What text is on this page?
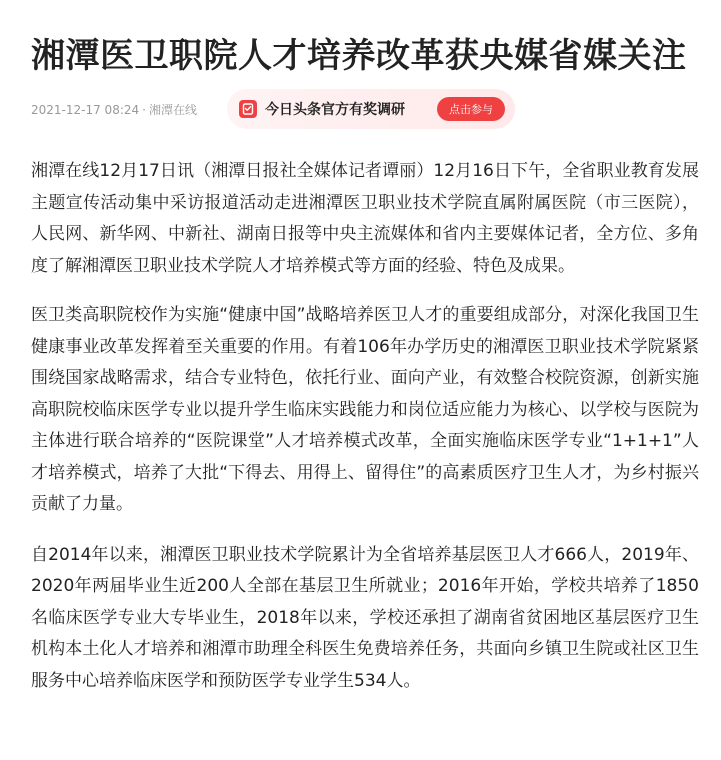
湘潭医卫职院人才培养改革获央媒省媒关注
2021-12-17 08:24 · 湘潭在线	今日头条官方有奖调研	点击参与

湘潭在线12月17日讯（湘潭日报社全媒体记者谭丽）12月16日下午，全省职业教育发展主题宣传活动集中采访报道活动走进湘潭医卫职业技术学院直属附属医院（市三医院），人民网、新华网、中新社、湖南日报等中央主流媒体和省内主要媒体记者，全方位、多角度了解湘潭医卫职业技术学院人才培养模式等方面的经验、特色及成果。

医卫类高职院校作为实施“健康中国”战略培养医卫人才的重要组成部分，对深化我国卫生健康事业改革发挥着至关重要的作用。有着106年办学历史的湘潭医卫职业技术学院紧紧围绕国家战略需求，结合专业特色，依托行业、面向产业，有效整合校院资源，创新实施高职院校临床医学专业以提升学生临床实践能力和岗位适应能力为核心、以学校与医院为主体进行联合培养的“医院课堂”人才培养模式改革，全面实施临床医学专业“1+1+1”人才培养模式，培养了大批“下得去、用得上、留得住”的高素质医疗卫生人才，为乡村振兴贡献了力量。

自2014年以来，湘潭医卫职业技术学院累计为全省培养基层医卫人才666人，2019年、2020年两届毕业生近200人全部在基层卫生所就业；2016年开始，学校共培养了1850名临床医学专业大专毕业生，2018年以来，学校还承担了湖南省贫困地区基层医疗卫生机构本土化人才培养和湘潭市助理全科医生免费培养任务，共面向乡镇卫生院或社区卫生服务中心培养临床医学和预防医学专业学生534人。
